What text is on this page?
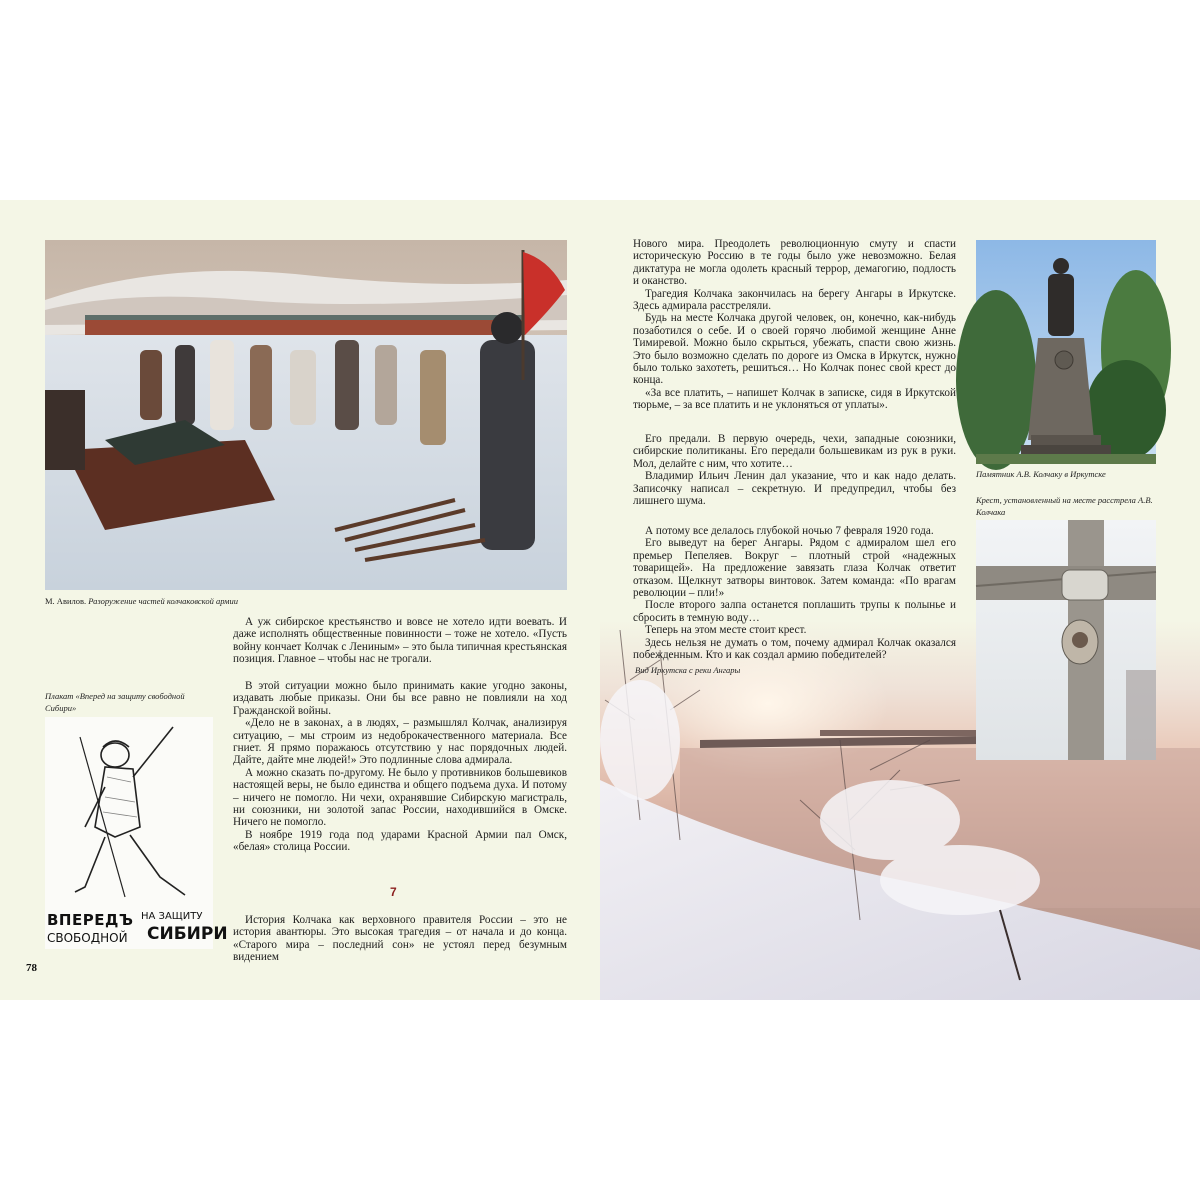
М. Авилов. Разоружение частей колчаковской армии
Плакат «Вперед на защиту свободной Сибири»
ВПЕРЕДЪ НА ЗАЩИТУ
СВОБОДНОЙ СИБИРИ

А уж сибирское крестьянство и вовсе не хотело идти воевать. И даже исполнять общественные повинности – тоже не хотело. «Пусть войну кончает Колчак с Лениным» – это была типичная крестьянская позиция. Главное – чтобы нас не трогали.

В этой ситуации можно было принимать какие угодно законы, издавать любые приказы. Они бы все равно не повлияли на ход Гражданской войны.

«Дело не в законах, а в людях, – размышлял Колчак, анализируя ситуацию, – мы строим из недоброкачественного материала. Все гниет. Я прямо поражаюсь отсутствию у нас порядочных людей. Дайте, дайте мне людей!» Это подлинные слова адмирала.

А можно сказать по-другому. Не было у противников большевиков настоящей веры, не было единства и общего подъема духа. И потому – ничего не помогло. Ни чехи, охранявшие Сибирскую магистраль, ни союзники, ни золотой запас России, находившийся в Омске. Ничего не помогло.

В ноябре 1919 года под ударами Красной Армии пал Омск, «белая» столица России.

7

История Колчака как верховного правителя России – это не история авантюры. Это высокая трагедия – от начала и до конца. «Старого мира – последний сон» не устоял перед безумным видением

78

Нового мира. Преодолеть революционную смуту и спасти историческую Россию в те годы было уже невозможно. Белая диктатура не могла одолеть красный террор, демагогию, подлость и оканство.

Трагедия Колчака закончилась на берегу Ангары в Иркутске. Здесь адмирала расстреляли.

Будь на месте Колчака другой человек, он, конечно, как-нибудь позаботился о себе. И о своей горячо любимой женщине Анне Тимиревой. Можно было скрыться, убежать, спасти свою жизнь. Это было возможно сделать по дороге из Омска в Иркутск, нужно было только захотеть, решиться… Но Колчак понес свой крест до конца.

«За все платить, – напишет Колчак в записке, сидя в Иркутской тюрьме, – за все платить и не уклоняться от уплаты».

Его предали. В первую очередь, чехи, западные союзники, сибирские политиканы. Его передали большевикам из рук в руки. Мол, делайте с ним, что хотите…

Владимир Ильич Ленин дал указание, что и как надо делать. Записочку написал – секретную. И предупредил, чтобы без лишнего шума.

А потому все делалось глубокой ночью 7 февраля 1920 года.

Его выведут на берег Ангары. Рядом с адмиралом шел его премьер Пепеляев. Вокруг – плотный строй «надежных товарищей». На предложение завязать глаза Колчак ответит отказом. Щелкнут затворы винтовок. Затем команда: «По врагам революции – пли!»

После второго залпа останется поплашить трупы к полынье и сбросить в темную воду…

Теперь на этом месте стоит крест.

Здесь нельзя не думать о том, почему адмирал Колчак оказался побежденным. Кто и как создал армию победителей?

Вид Иркутска с реки Ангары
Памятник А.В. Колчаку в Иркутске
Крест, установленный на месте расстрела А.В. Колчака
